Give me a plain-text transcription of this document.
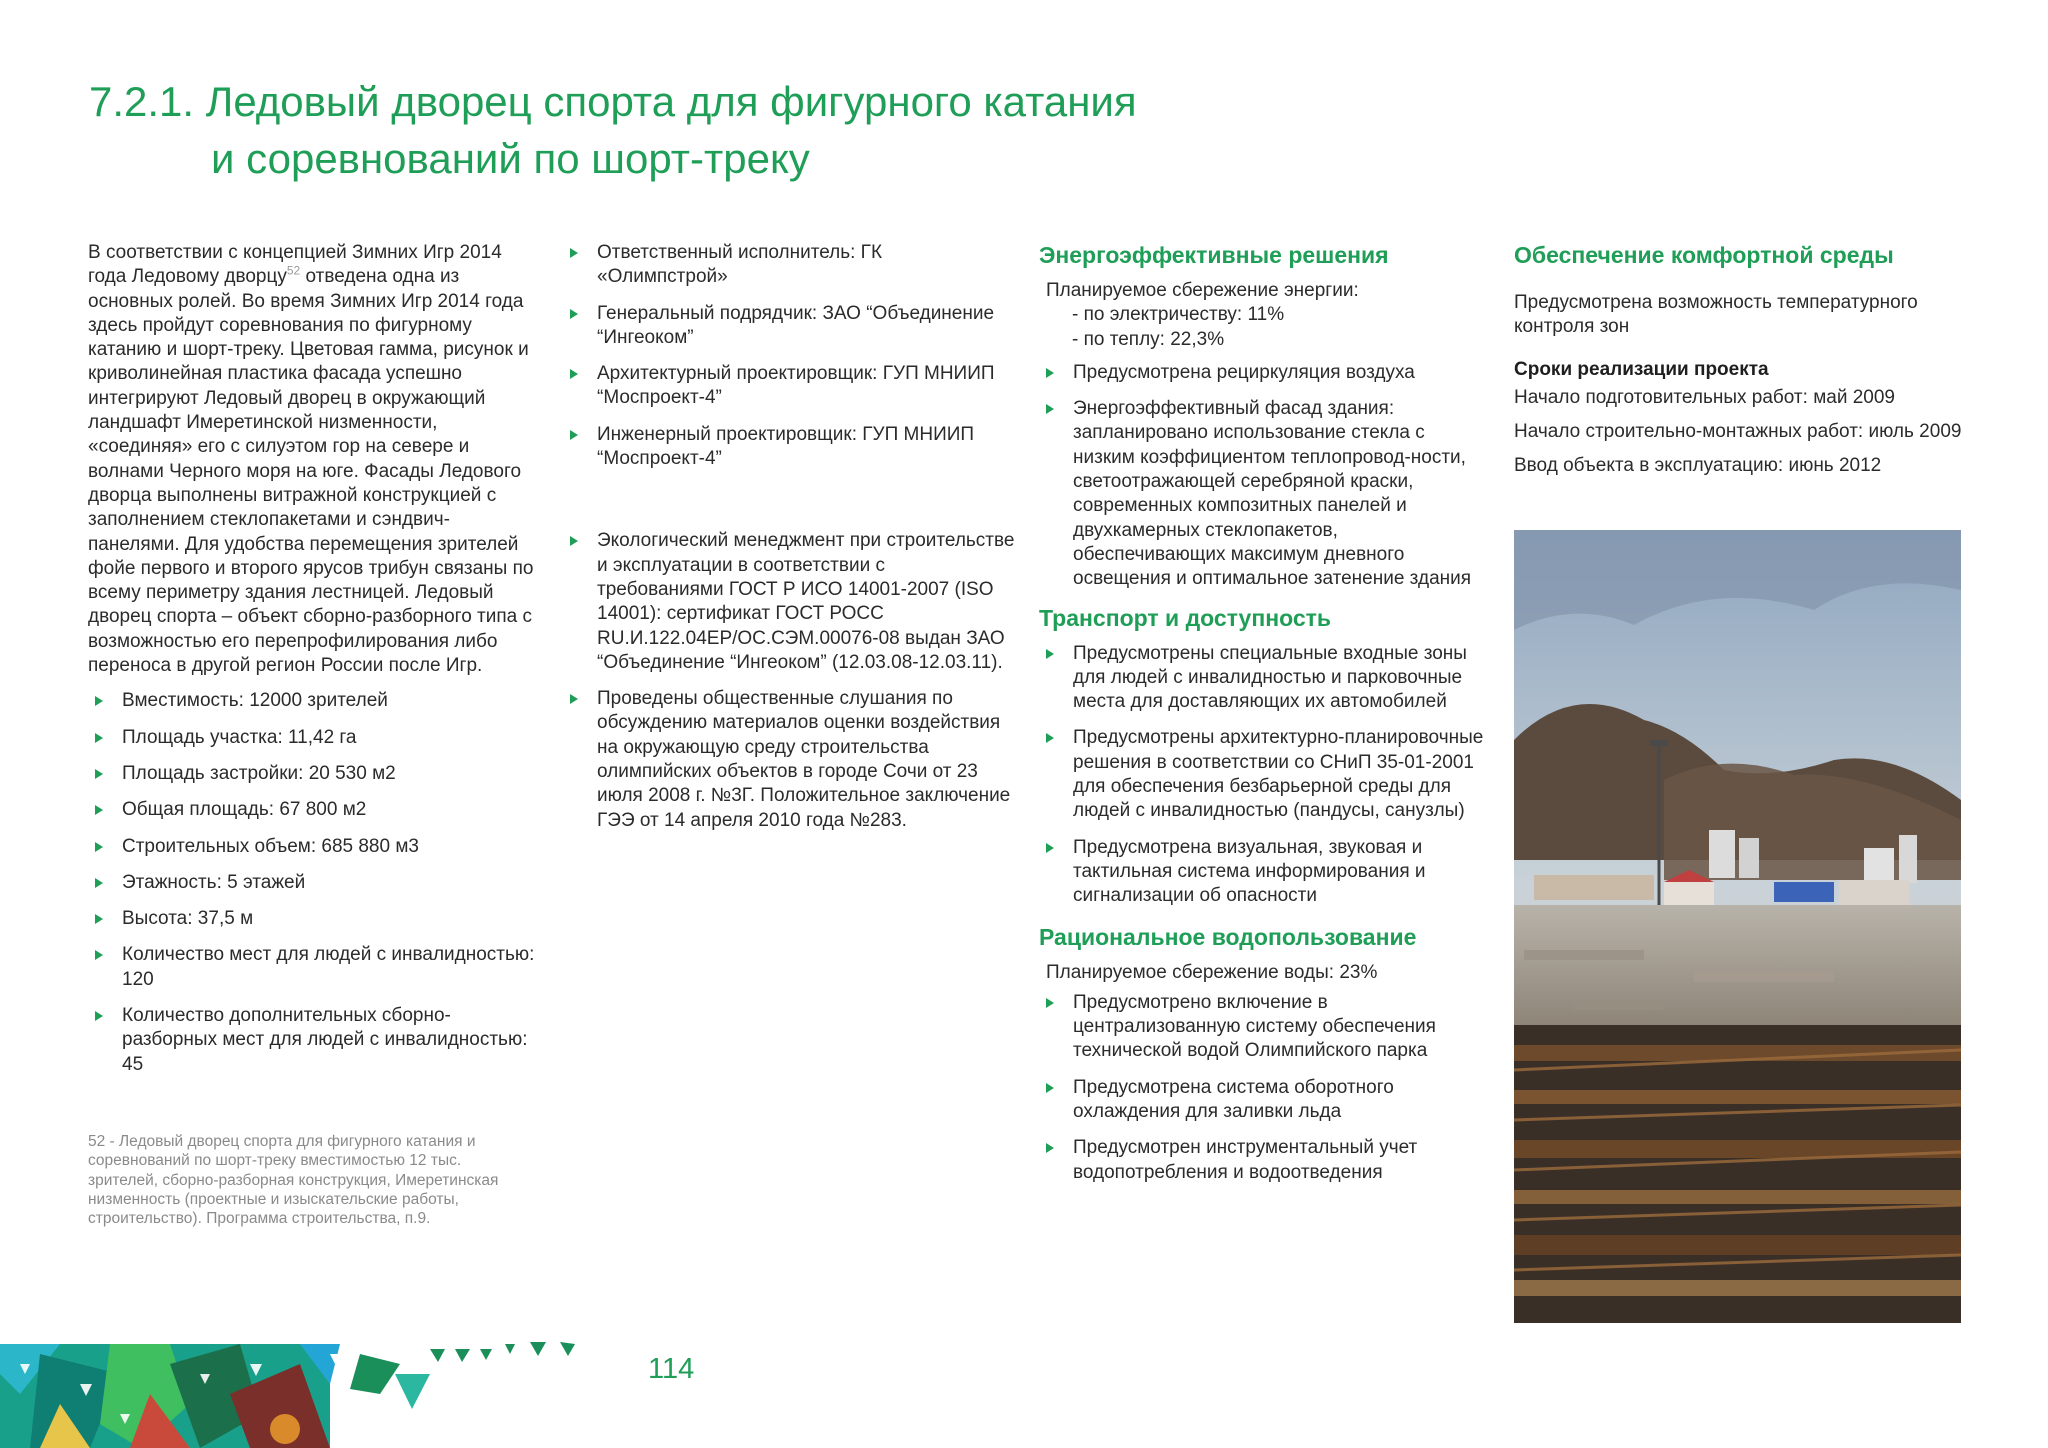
7.2.1. Ледовый дворец спорта для фигурного катания
и соревнований по шорт-треку

В соответствии с концепцией Зимних Игр 2014 года Ледовому дворцу$^{52}$ отведена одна из основных ролей. Во время Зимних Игр 2014 года здесь пройдут соревнования по фигурному катанию и шорт-треку. Цветовая гамма, рисунок и криволинейная пластика фасада успешно интегрируют Ледовый дворец в окружающий ландшафт Имеретинской низменности, «соединяя» его с силуэтом гор на севере и волнами Черного моря на юге. Фасады Ледового дворца выполнены витражной конструкцией с заполнением стеклопакетами и сэндвич-панелями. Для удобства перемещения зрителей фойе первого и второго ярусов трибун связаны по всему периметру здания лестницей. Ледовый дворец спорта – объект сборно-разборного типа с возможностью его перепрофилирования либо переноса в другой регион России после Игр.

Вместимость: 12000 зрителей
Площадь участка: 11,42 га
Площадь застройки: 20 530 м2
Общая площадь: 67 800 м2
Строительных объем: 685 880 м3
Этажность: 5 этажей
Высота: 37,5 м
Количество мест для людей с инвалидностью: 120
Количество дополнительных сборно-разборных мест для людей с инвалидностью: 45
52 - Ледовый дворец спорта для фигурного катания и соревнований по шорт-треку вместимостью 12 тыс. зрителей, сборно-разборная конструкция, Имеретинская низменность (проектные и изыскательские работы, строительство). Программа строительства, п.9.
Ответственный исполнитель: ГК «Олимпстрой»
Генеральный подрядчик: ЗАО “Объединение “Ингеоком”
Архитектурный проектировщик: ГУП МНИИП “Моспроект-4”
Инженерный проектировщик: ГУП МНИИП “Моспроект-4”
Экологический менеджмент при строительстве и эксплуатации в соответствии с требованиями ГОСТ Р ИСО 14001-2007 (ISO 14001): сертификат ГОСТ РОСС RU.И.122.04ЕР/ОС.СЭМ.00076-08 выдан ЗАО “Объединение “Ингеоком” (12.03.08-12.03.11).
Проведены общественные слушания по обсуждению материалов оценки воздействия на окружающую среду строительства олимпийских объектов в городе Сочи от 23 июля 2008 г. №3Г. Положительное заключение ГЭЭ от 14 апреля 2010 года №283.
Энергоэффективные решения

Планируемое сбережение энергии:

- по электричеству: 11%

- по теплу: 22,3%

Предусмотрена рециркуляция воздуха
Энергоэффективный фасад здания: запланировано использование стекла с низким коэффициентом теплопровод-ности, светоотражающей серебряной краски, современных композитных панелей и двухкамерных стеклопакетов, обеспечивающих максимум дневного освещения и оптимальное затенение здания
Транспорт и доступность
Предусмотрены специальные входные зоны для людей с инвалидностью и парковочные места для доставляющих их автомобилей
Предусмотрены архитектурно-планировочные решения в соответствии со СНиП 35-01-2001 для обеспечения безбарьерной среды для людей с инвалидностью (пандусы, санузлы)
Предусмотрена визуальная, звуковая и тактильная система информирования и сигнализации об опасности
Рациональное водопользование

Планируемое сбережение воды: 23%

Предусмотрено включение в централизованную систему обеспечения технической водой Олимпийского парка
Предусмотрена система оборотного охлаждения для заливки льда
Предусмотрен инструментальный учет водопотребления и водоотведения
Обеспечение комфортной среды

Предусмотрена возможность температурного контроля зон

Сроки реализации проекта

Начало подготовительных работ: май 2009

Начало строительно-монтажных работ: июль 2009

Ввод объекта в эксплуатацию: июнь 2012

114
